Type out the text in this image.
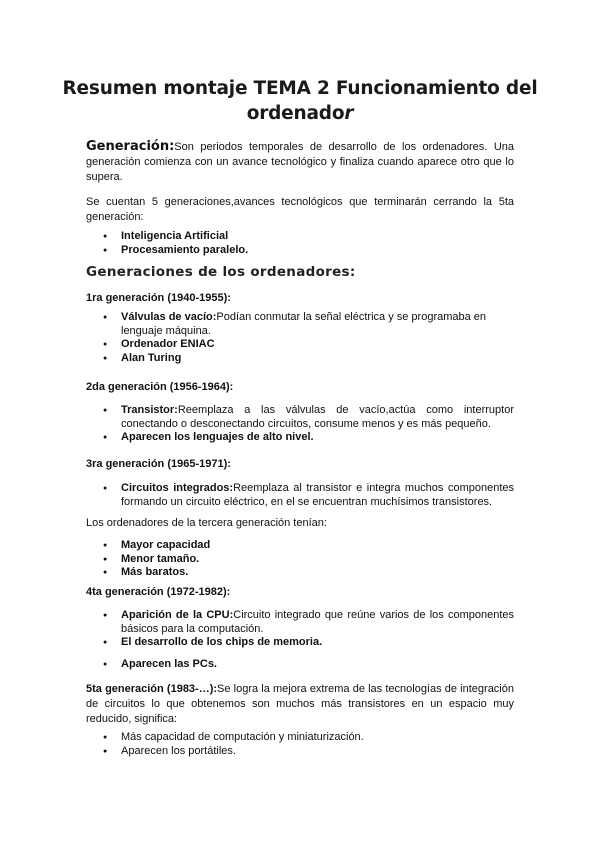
Resumen montaje TEMA 2 Funcionamiento del ordenador
Generación:Son periodos temporales de desarrollo de los ordenadores. Una generación comienza con un avance tecnológico y finaliza cuando aparece otro que lo supera.
Se cuentan 5 generaciones,avances tecnológicos que terminarán cerrando la 5ta generación:
● Inteligencia Artificial
● Procesamiento paralelo.
Generaciones de los ordenadores:
1ra generación (1940-1955):
● Válvulas de vacío:Podían conmutar la señal eléctrica y se programaba en lenguaje máquina.
● Ordenador ENIAC
● Alan Turing
2da generación (1956-1964):
● Transistor:Reemplaza a las válvulas de vacío,actúa como interruptor conectando o desconectando circuitos, consume menos y es más pequeño.
● Aparecen los lenguajes de alto nivel.
3ra generación (1965-1971):
● Circuitos integrados:Reemplaza al transistor e integra muchos componentes formando un circuito eléctrico, en el se encuentran muchísimos transistores.
Los ordenadores de la tercera generación tenían:
● Mayor capacidad
● Menor tamaño.
● Más baratos.
4ta generación (1972-1982):
● Aparición de la CPU:Circuito integrado que reúne varios de los componentes básicos para la computación.
● El desarrollo de los chips de memoria.
● Aparecen las PCs.
5ta generación (1983-…):Se logra la mejora extrema de las tecnologías de integración de circuitos lo que obtenemos son muchos más transistores en un espacio muy reducido, significa:
● Más capacidad de computación y miniaturización.
● Aparecen los portátiles.
